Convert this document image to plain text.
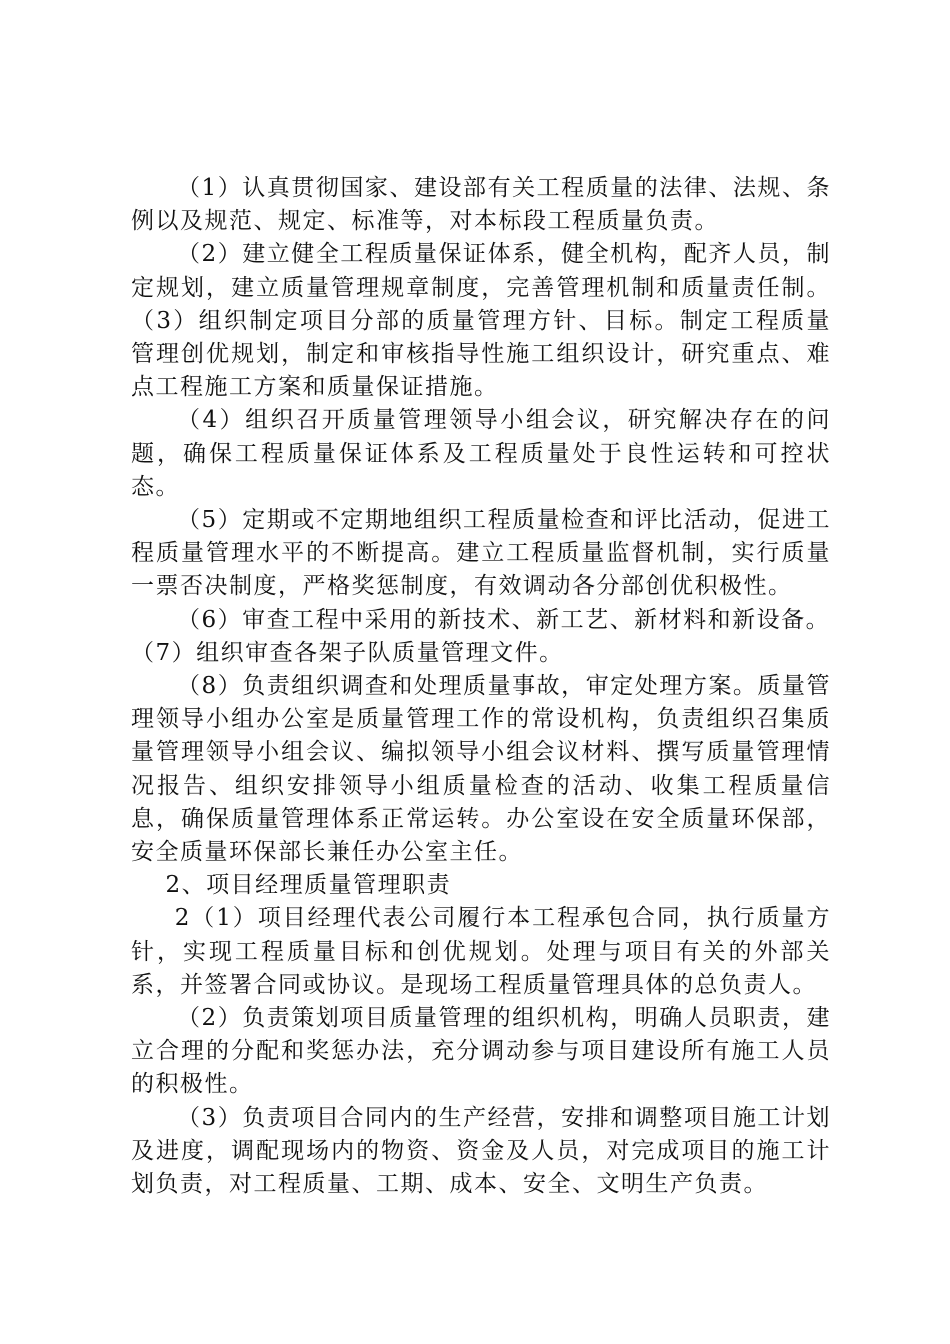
（1）认真贯彻国家、建设部有关工程质量的法律、法规、条例以及规范、规定、标准等，对本标段工程质量负责。

（2）建立健全工程质量保证体系，健全机构，配齐人员，制定规划，建立质量管理规章制度，完善管理机制和质量责任制。（3）组织制定项目分部的质量管理方针、目标。制定工程质量管理创优规划，制定和审核指导性施工组织设计，研究重点、难点工程施工方案和质量保证措施。

（4）组织召开质量管理领导小组会议，研究解决存在的问题，确保工程质量保证体系及工程质量处于良性运转和可控状态。

（5）定期或不定期地组织工程质量检查和评比活动，促进工程质量管理水平的不断提高。建立工程质量监督机制，实行质量一票否决制度，严格奖惩制度，有效调动各分部创优积极性。

（6）审查工程中采用的新技术、新工艺、新材料和新设备。

（7）组织审查各架子队质量管理文件。

（8）负责组织调查和处理质量事故，审定处理方案。质量管理领导小组办公室是质量管理工作的常设机构，负责组织召集质量管理领导小组会议、编拟领导小组会议材料、撰写质量管理情况报告、组织安排领导小组质量检查的活动、收集工程质量信息，确保质量管理体系正常运转。办公室设在安全质量环保部，安全质量环保部长兼任办公室主任。

2、项目经理质量管理职责

2（1）项目经理代表公司履行本工程承包合同，执行质量方针，实现工程质量目标和创优规划。处理与项目有关的外部关系，并签署合同或协议。是现场工程质量管理具体的总负责人。

（2）负责策划项目质量管理的组织机构，明确人员职责，建立合理的分配和奖惩办法，充分调动参与项目建设所有施工人员的积极性。

（3）负责项目合同内的生产经营，安排和调整项目施工计划及进度，调配现场内的物资、资金及人员，对完成项目的施工计划负责，对工程质量、工期、成本、安全、文明生产负责。
